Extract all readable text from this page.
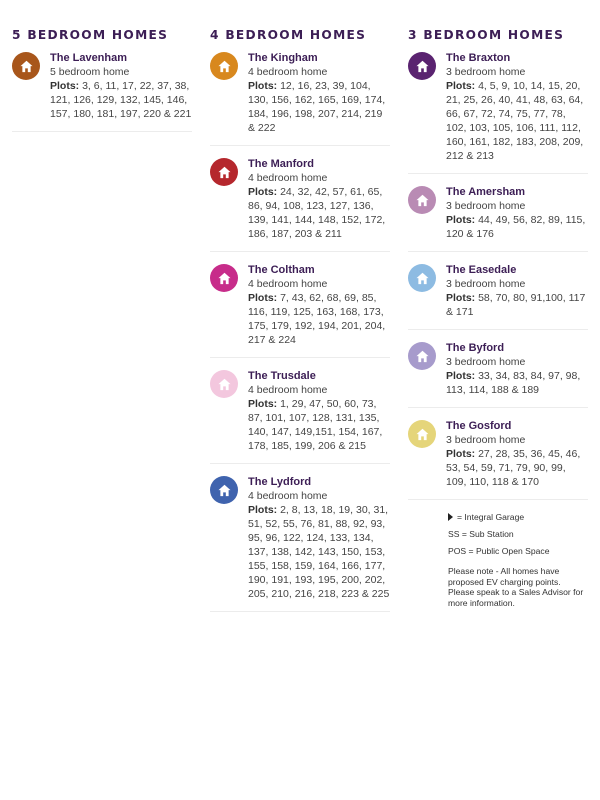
5 BEDROOM HOMES
The Lavenham
5 bedroom home
Plots: 3, 6, 11, 17, 22, 37, 38, 121, 126, 129, 132, 145, 146, 157, 180, 181, 197, 220 & 221
4 BEDROOM HOMES
The Kingham
4 bedroom home
Plots: 12, 16, 23, 39, 104, 130, 156, 162, 165, 169, 174, 184, 196, 198, 207, 214, 219 & 222
The Manford
4 bedroom home
Plots: 24, 32, 42, 57, 61, 65, 86, 94, 108, 123, 127, 136, 139, 141, 144, 148, 152, 172, 186, 187, 203 & 211
The Coltham
4 bedroom home
Plots: 7, 43, 62, 68, 69, 85, 116, 119, 125, 163, 168, 173, 175, 179, 192, 194, 201, 204, 217 & 224
The Trusdale
4 bedroom home
Plots: 1, 29, 47, 50, 60, 73, 87, 101, 107, 128, 131, 135, 140, 147, 149,151, 154, 167, 178, 185, 199, 206 & 215
The Lydford
4 bedroom home
Plots: 2, 8, 13, 18, 19, 30, 31, 51, 52, 55, 76, 81, 88, 92, 93, 95, 96, 122, 124, 133, 134, 137, 138, 142, 143, 150, 153, 155, 158, 159, 164, 166, 177, 190, 191, 193, 195, 200, 202, 205, 210, 216, 218, 223 & 225
3 BEDROOM HOMES
The Braxton
3 bedroom home
Plots: 4, 5, 9, 10, 14, 15, 20, 21, 25, 26, 40, 41, 48, 63, 64, 66, 67, 72, 74, 75, 77, 78, 102, 103, 105, 106, 111, 112, 160, 161, 182, 183, 208, 209, 212 & 213
The Amersham
3 bedroom home
Plots: 44, 49, 56, 82, 89, 115, 120 & 176
The Easedale
3 bedroom home
Plots: 58, 70, 80, 91,100, 117 & 171
The Byford
3 bedroom home
Plots: 33, 34, 83, 84, 97, 98, 113, 114, 188 & 189
The Gosford
3 bedroom home
Plots: 27, 28, 35, 36, 45, 46, 53, 54, 59, 71, 79, 90, 99, 109, 110, 118 & 170
= Integral Garage
SS = Sub Station
POS = Public Open Space
Please note - All homes have proposed EV charging points. Please speak to a Sales Advisor for more information.
